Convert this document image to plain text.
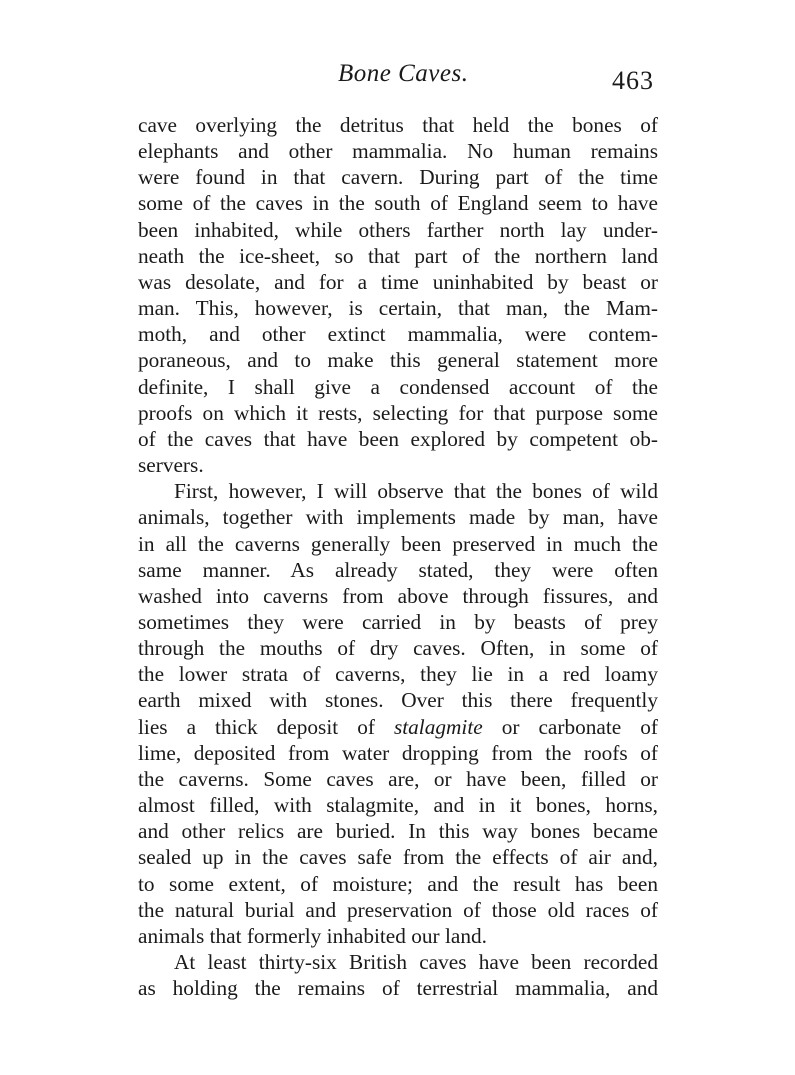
Bone Caves.	463

cave overlying the detritus that held the bones of
elephants and other mammalia. No human remains
were found in that cavern. During part of the time
some of the caves in the south of England seem to have
been inhabited, while others farther north lay under-
neath the ice-sheet, so that part of the northern land
was desolate, and for a time uninhabited by beast or
man. This, however, is certain, that man, the Mam-
moth, and other extinct mammalia, were contem-
poraneous, and to make this general statement more
definite, I shall give a condensed account of the
proofs on which it rests, selecting for that purpose some
of the caves that have been explored by competent ob-
servers.

First, however, I will observe that the bones of wild
animals, together with implements made by man, have
in all the caverns generally been preserved in much the
same manner. As already stated, they were often
washed into caverns from above through fissures, and
sometimes they were carried in by beasts of prey
through the mouths of dry caves. Often, in some of
the lower strata of caverns, they lie in a red loamy
earth mixed with stones. Over this there frequently
lies a thick deposit of stalagmite or carbonate of
lime, deposited from water dropping from the roofs of
the caverns. Some caves are, or have been, filled or
almost filled, with stalagmite, and in it bones, horns,
and other relics are buried. In this way bones became
sealed up in the caves safe from the effects of air and,
to some extent, of moisture; and the result has been
the natural burial and preservation of those old races of
animals that formerly inhabited our land.

At least thirty-six British caves have been recorded
as holding the remains of terrestrial mammalia, and
